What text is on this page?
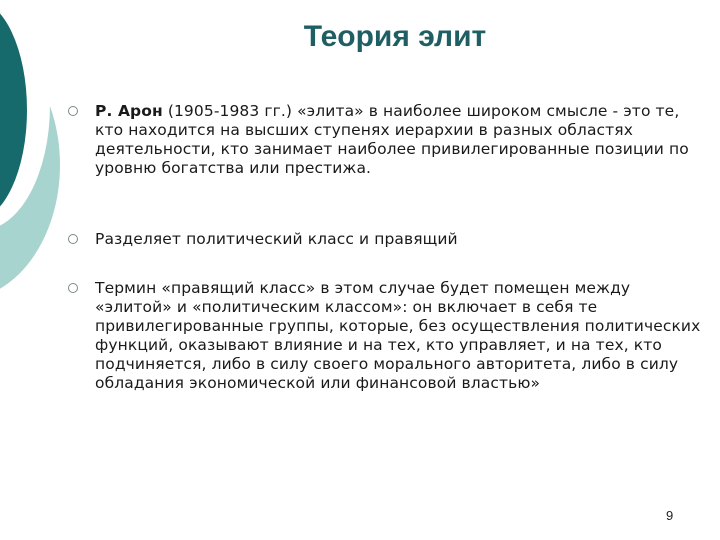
Теория элит
Р. Арон (1905-1983 гг.) «элита» в наиболее широком смысле - это те, кто находится на высших ступенях иерархии в разных областях деятельности, кто занимает наиболее привилегированные позиции по уровню богатства или престижа.
Разделяет политический класс и правящий
Термин «правящий класс» в этом случае будет помещен между «элитой» и «политическим классом»: он включает в себя те привилегированные группы, которые, без осуществления политических функций, оказывают влияние и на тех, кто управляет, и на тех, кто подчиняется, либо в силу своего морального авторитета, либо в силу обладания экономической или финансовой властью»
9
